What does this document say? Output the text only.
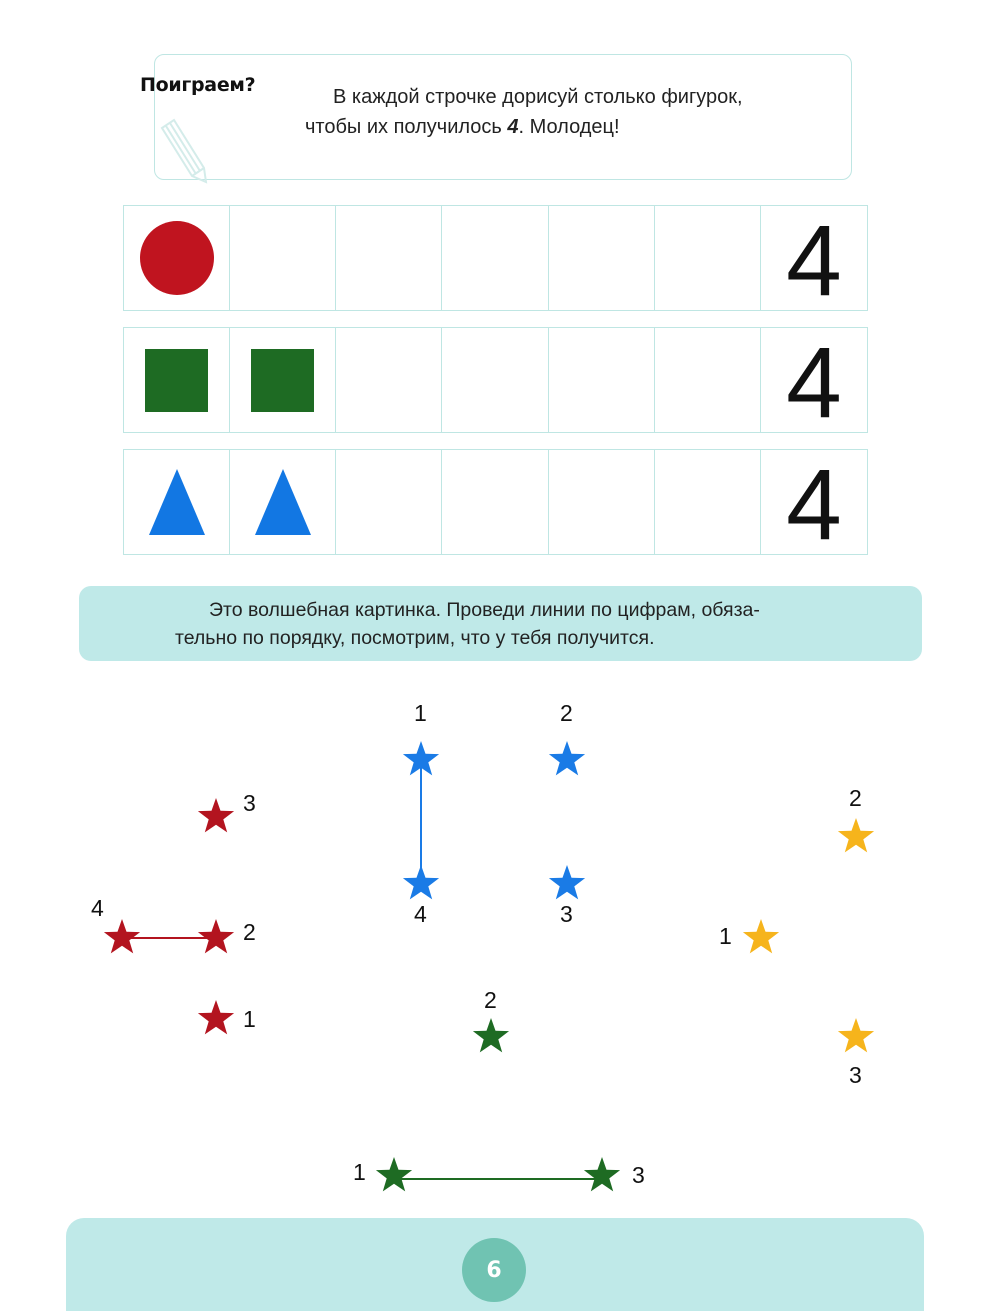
Поиграем?
В каждой строчке дорисуй столько фигурок,
чтобы их получилось 4. Молодец!
4
4
4
Это волшебная картинка. Проведи линии по цифрам, обяза-
тельно по порядку, посмотрим, что у тебя получится.
1
2
3
4
1	2
3
4
1
2
3
1
2
3
6
